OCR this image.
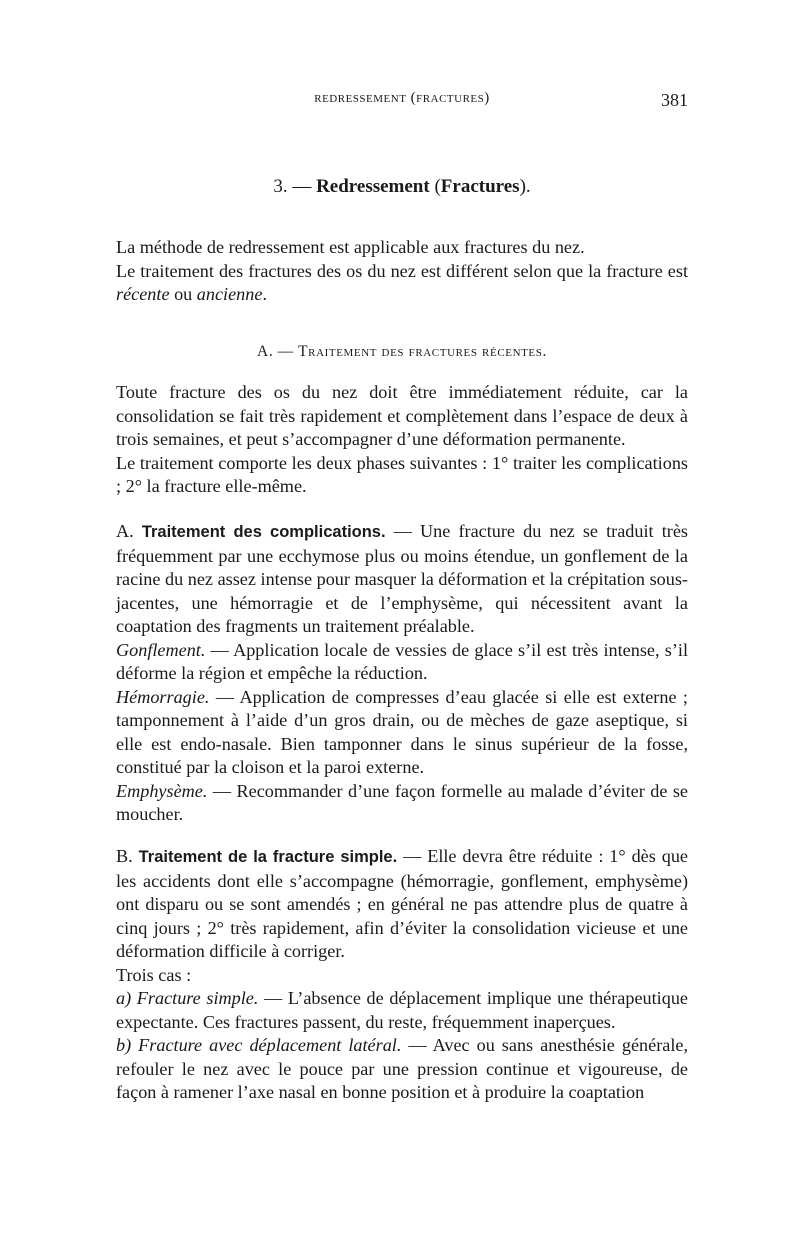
redressement (fractures)	381
3. — Redressement (Fractures).

La méthode de redressement est applicable aux fractures du nez.

Le traitement des fractures des os du nez est différent selon que la fracture est récente ou ancienne.

A. — Traitement des fractures récentes.

Toute fracture des os du nez doit être immédiatement réduite, car la consolidation se fait très rapidement et complètement dans l’espace de deux à trois semaines, et peut s’accompagner d’une déformation permanente.

Le traitement comporte les deux phases suivantes : 1° traiter les complications ; 2° la fracture elle-même.

A. Traitement des complications. — Une fracture du nez se traduit très fréquemment par une ecchymose plus ou moins étendue, un gonflement de la racine du nez assez intense pour masquer la déformation et la crépitation sous-jacentes, une hémorragie et de l’emphysème, qui nécessitent avant la coaptation des fragments un traitement préalable.

Gonflement. — Application locale de vessies de glace s’il est très intense, s’il déforme la région et empêche la réduction.

Hémorragie. — Application de compresses d’eau glacée si elle est externe ; tamponnement à l’aide d’un gros drain, ou de mèches de gaze aseptique, si elle est endo-nasale. Bien tamponner dans le sinus supérieur de la fosse, constitué par la cloison et la paroi externe.

Emphysème. — Recommander d’une façon formelle au malade d’éviter de se moucher.

B. Traitement de la fracture simple. — Elle devra être réduite : 1° dès que les accidents dont elle s’accompagne (hémorragie, gonflement, emphysème) ont disparu ou se sont amendés ; en général ne pas attendre plus de quatre à cinq jours ; 2° très rapidement, afin d’éviter la consolidation vicieuse et une déformation difficile à corriger.

Trois cas :

a) Fracture simple. — L’absence de déplacement implique une thérapeutique expectante. Ces fractures passent, du reste, fréquemment inaperçues.

b) Fracture avec déplacement latéral. — Avec ou sans anesthésie générale, refouler le nez avec le pouce par une pression continue et vigoureuse, de façon à ramener l’axe nasal en bonne position et à produire la coaptation
